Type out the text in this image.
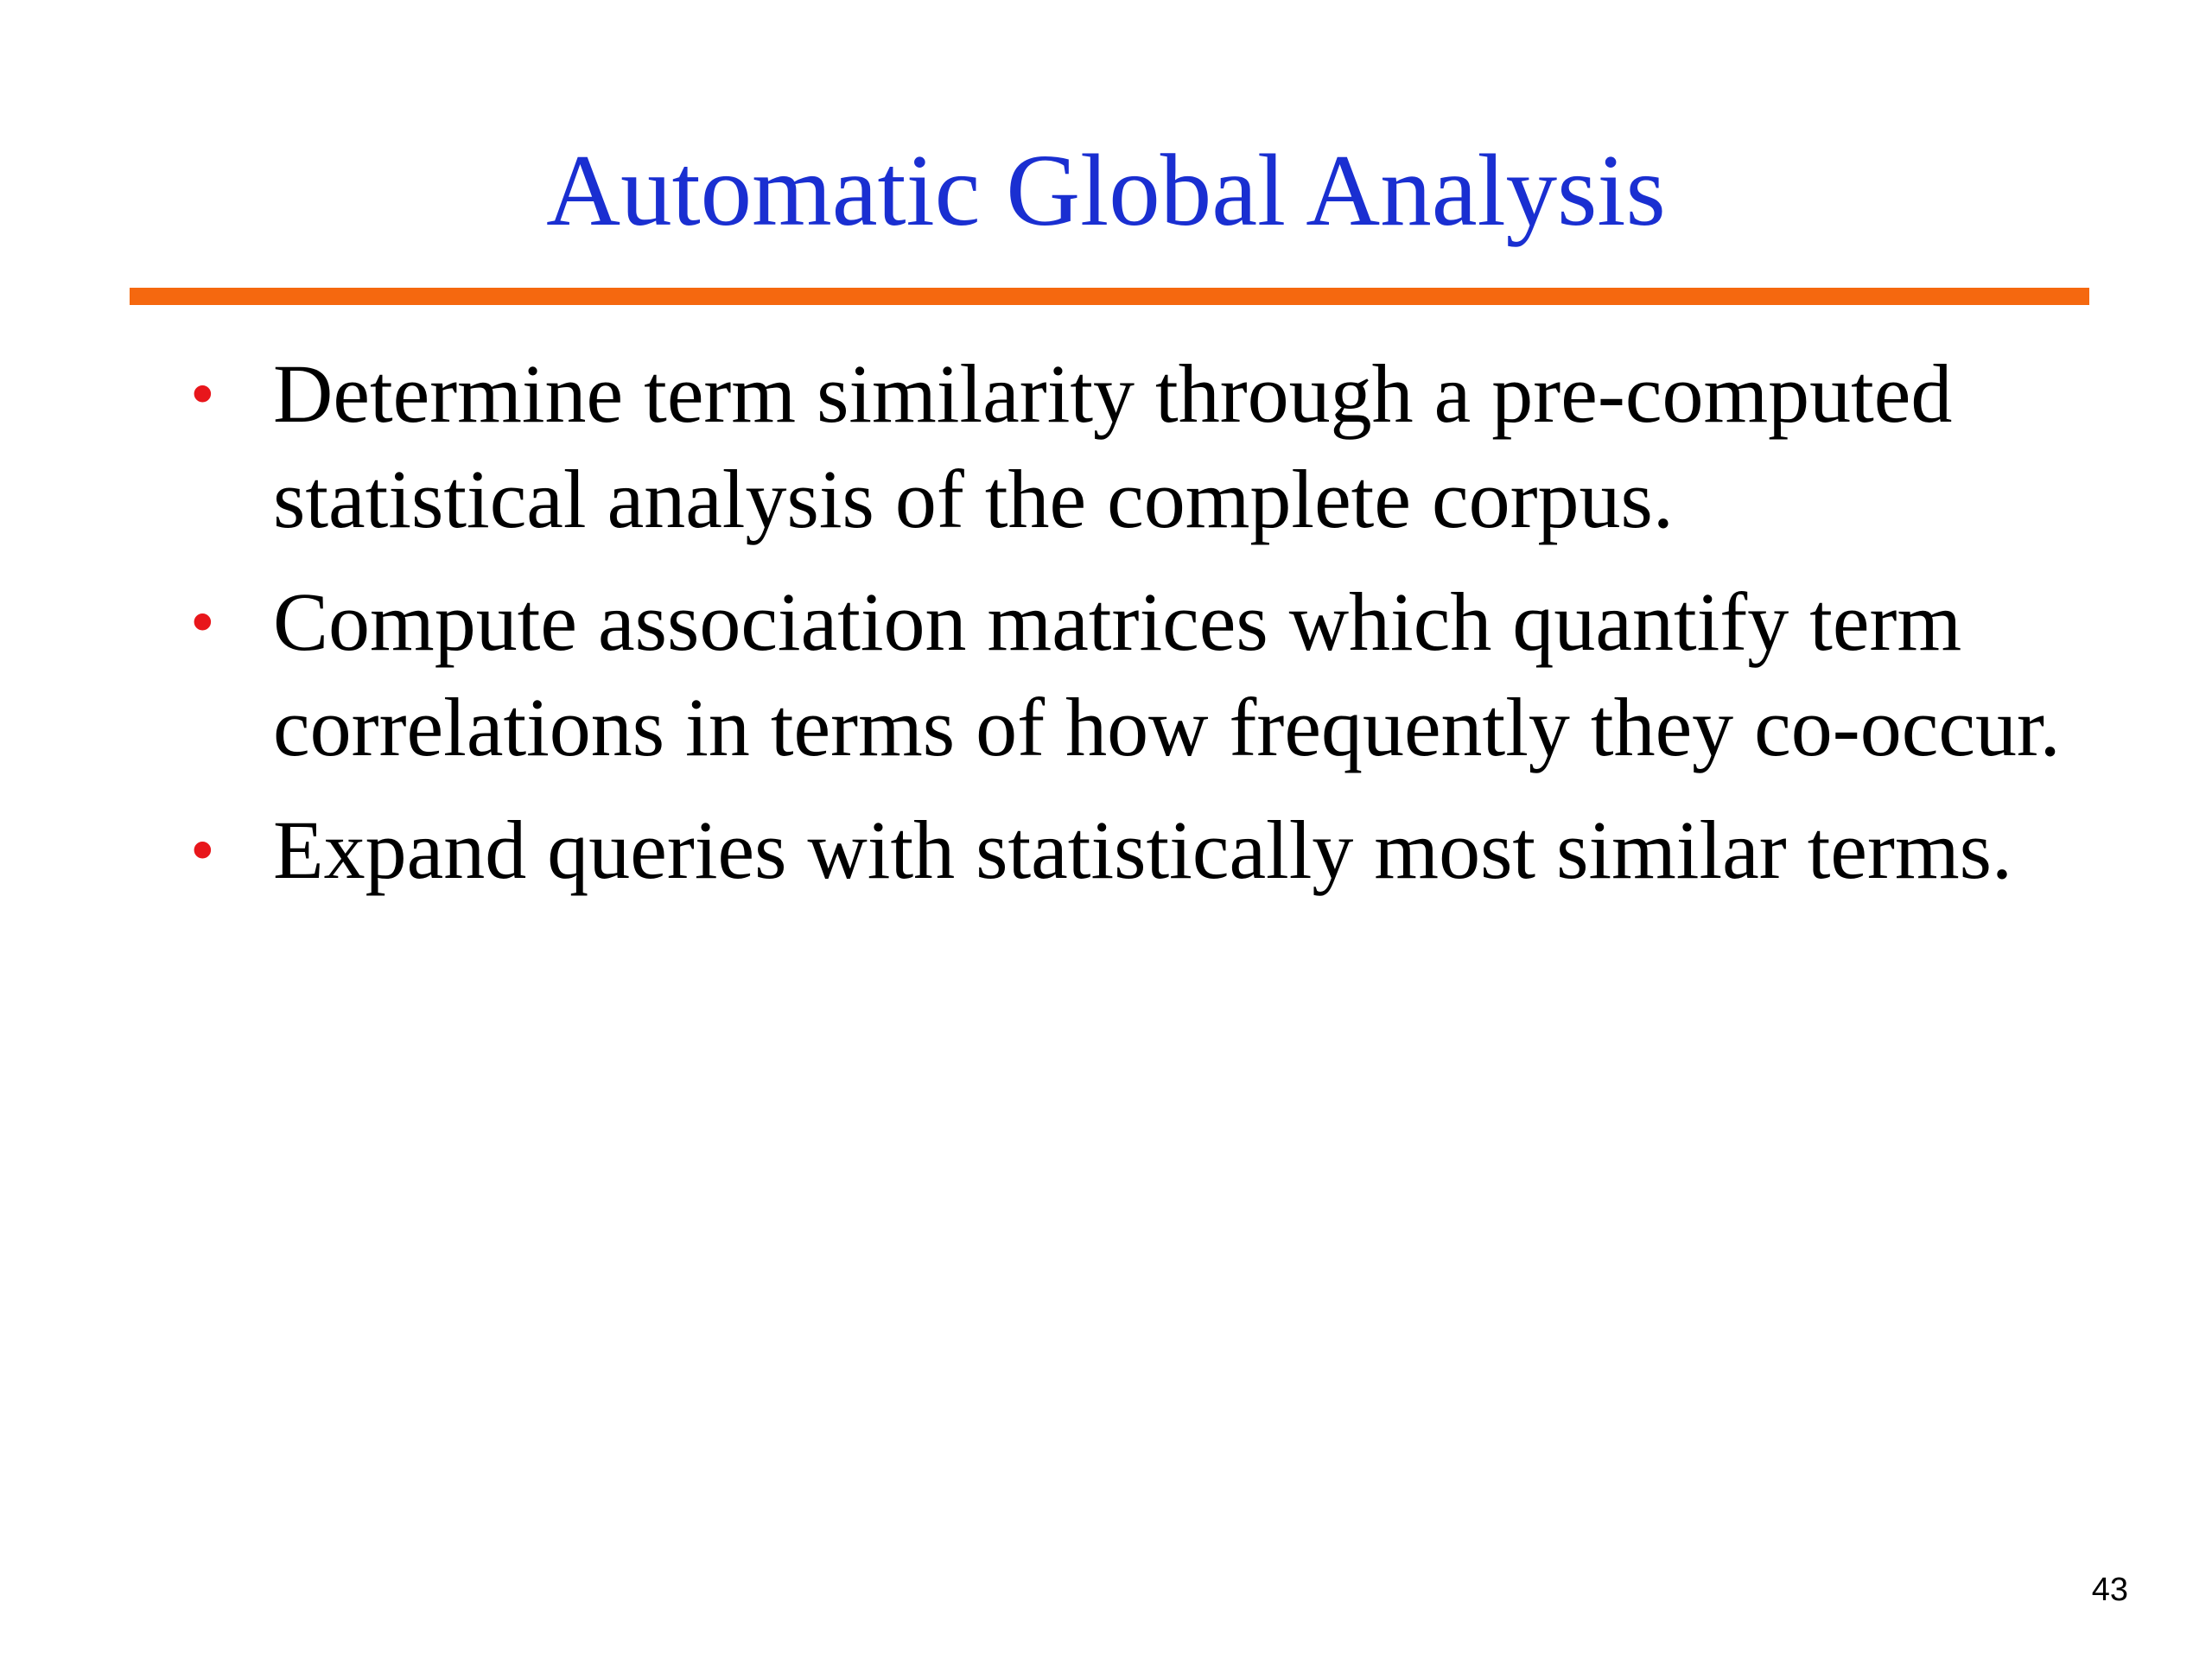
Automatic Global Analysis
• Determine term similarity through a pre-computed statistical analysis of the complete corpus.
• Compute association matrices which quantify term correlations in terms of how frequently they co-occur.
• Expand queries with statistically most similar terms.
43
